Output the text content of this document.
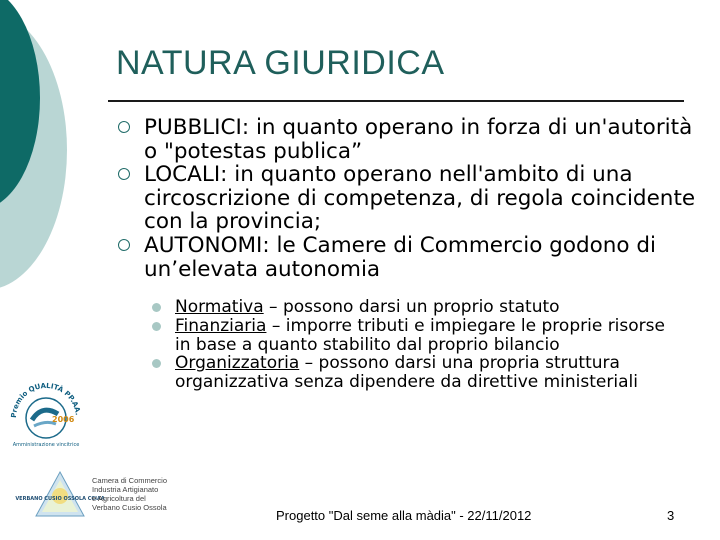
NATURA GIURIDICA
PUBBLICI: in quanto operano in forza di un'autorità o "potestas publica”
LOCALI: in quanto operano nell'ambito di una circoscrizione di competenza, di regola coincidente con la provincia;
AUTONOMI: le Camere di Commercio godono di un’elevata autonomia
Normativa – possono darsi un proprio statuto
Finanziaria – imporre tributi e impiegare le proprie risorse in base a quanto stabilito dal proprio bilancio
Organizzatoria – possono darsi una propria struttura organizzativa senza dipendere da direttive ministeriali
Premio QUALITÀ PP.AA.
2006
Amministrazione vincitrice
VERBANO CUSIO OSSOLA CCIAA
Camera di Commercio
Industria Artigianato
e Agricoltura del
Verbano Cusio Ossola
Progetto "Dal seme alla màdia" - 22/11/2012	3
